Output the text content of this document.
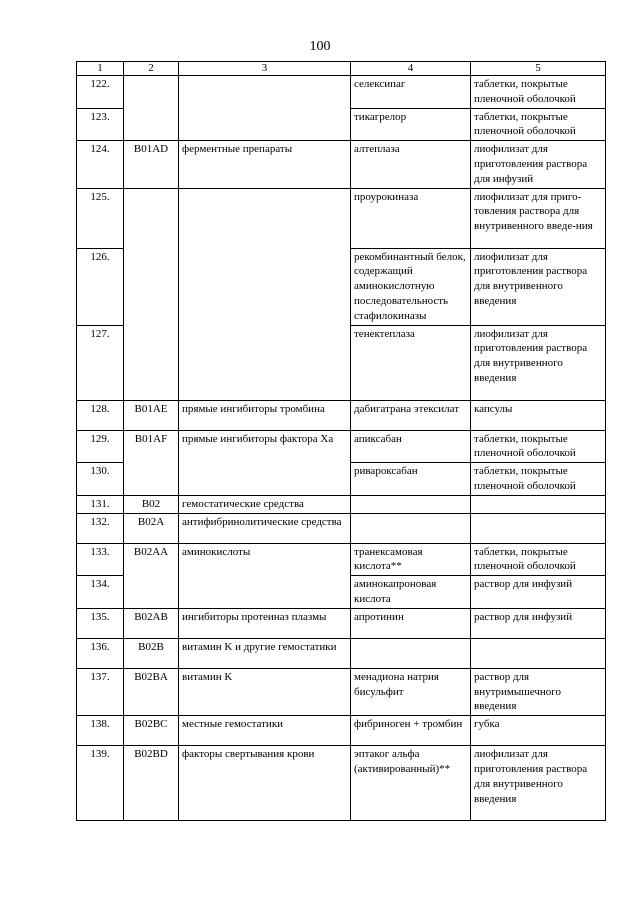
100
1	2	3	4	5
122.			селексипаг	таблетки, покрытые пленочной оболочкой
123.			тикагрелор	таблетки, покрытые пленочной оболочкой
124.	B01AD	ферментные препараты	алтеплаза	лиофилизат для приготовления раствора для инфузий
125.			проурокиназа	лиофилизат для приго-товления раствора для внутривенного введе-ния
126.			рекомбинантный белок, содержащий аминокислотную последовательность стафилокиназы	лиофилизат для приготовления раствора для внутривенного введения
127.			тенектеплаза	лиофилизат для приготовления раствора для внутривенного введения
128.	B01AE	прямые ингибиторы тромбина	дабигатрана этексилат	капсулы
129.	B01AF	прямые ингибиторы фактора Xa	апиксабан	таблетки, покрытые пленочной оболочкой
130.			ривароксабан	таблетки, покрытые пленочной оболочкой
131.	B02	гемостатические средства		
132.	B02A	антифибринолитические средства		
133.	B02AA	аминокислоты	транексамовая кислота**	таблетки, покрытые пленочной оболочкой
134.			аминокапроновая кислота	раствор для инфузий
135.	B02AB	ингибиторы протеиназ плазмы	апротинин	раствор для инфузий
136.	B02B	витамин K и другие гемостатики		
137.	B02BA	витамин K	менадиона натрия бисульфит	раствор для внутримышечного введения
138.	B02BC	местные гемостатики	фибриноген + тромбин	губка
139.	B02BD	факторы свертывания крови	эптаког альфа (активированный)**	лиофилизат для приготовления раствора для внутривенного введения
